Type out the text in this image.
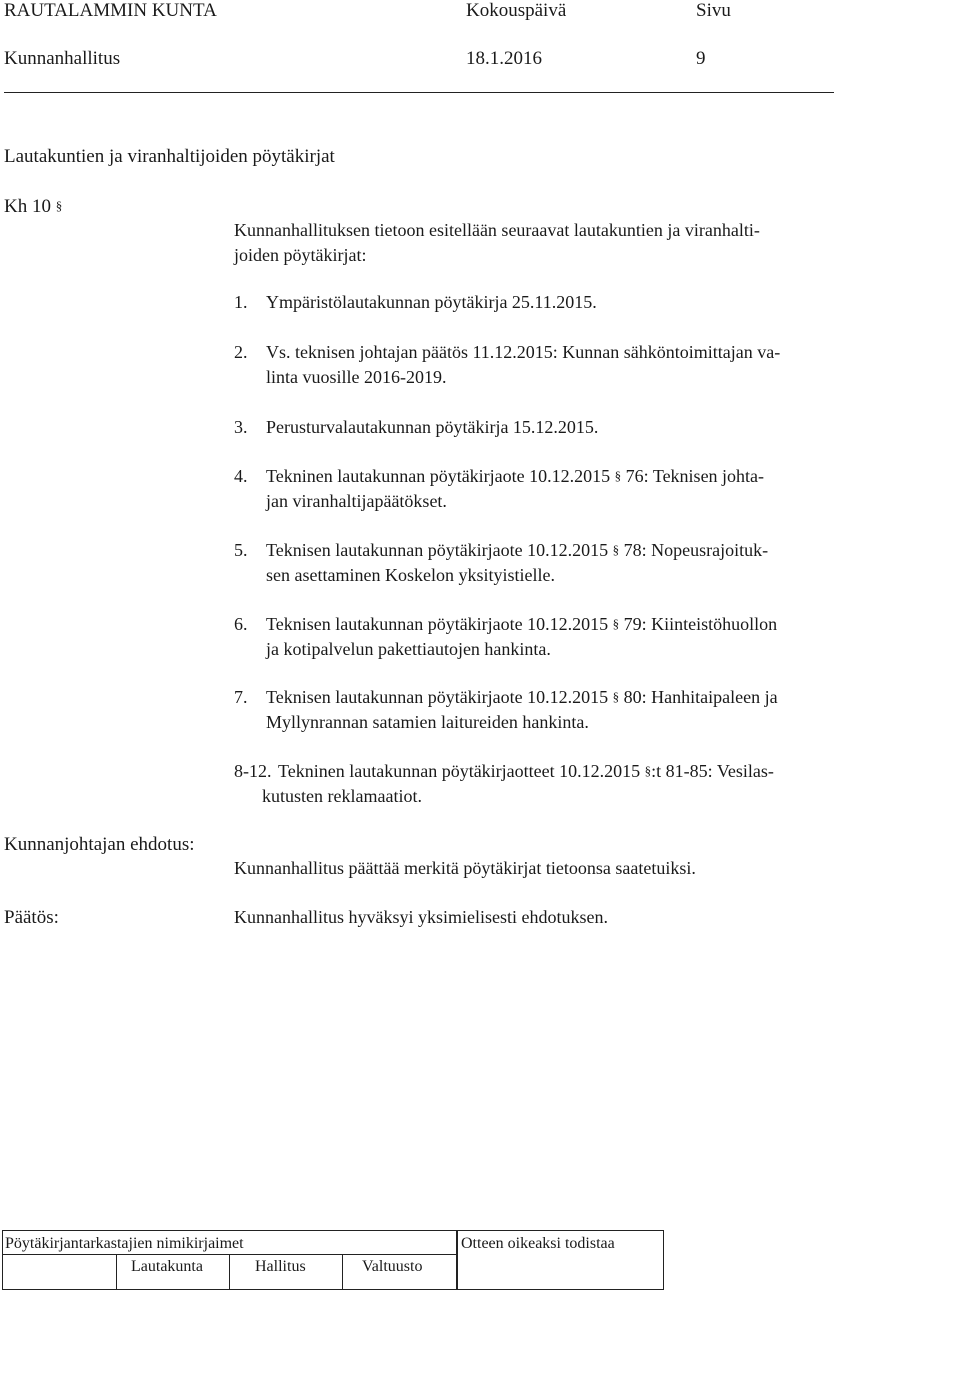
RAUTALAMMIN KUNTA	Kokouspäivä	Sivu
Kunnanhallitus	18.1.2016	9
Lautakuntien ja viranhaltijoiden pöytäkirjat
Kh 10 §
Kunnanhallituksen tietoon esitellään seuraavat lautakuntien ja viranhalti-
joiden pöytäkirjat:
1. Ympäristölautakunnan pöytäkirja 25.11.2015.
2. Vs. teknisen johtajan päätös 11.12.2015: Kunnan sähköntoimittajan va-
linta vuosille 2016-2019.
3. Perusturvalautakunnan pöytäkirja 15.12.2015.
4. Tekninen lautakunnan pöytäkirjaote 10.12.2015 § 76: Teknisen johta-
jan viranhaltijapäätökset.
5. Teknisen lautakunnan pöytäkirjaote 10.12.2015 § 78: Nopeusrajoituk-
sen asettaminen Koskelon yksityistielle.
6. Teknisen lautakunnan pöytäkirjaote 10.12.2015 § 79: Kiinteistöhuollon
ja kotipalvelun pakettiautojen hankinta.
7. Teknisen lautakunnan pöytäkirjaote 10.12.2015 § 80: Hanhitaipaleen ja
Myllynrannan satamien laitureiden hankinta.
8-12. Tekninen lautakunnan pöytäkirjaotteet 10.12.2015 §:t 81-85: Vesilas-
kutusten reklamaatiot.
Kunnanjohtajan ehdotus:
Kunnanhallitus päättää merkitä pöytäkirjat tietoonsa saatetuiksi.
Päätös:	Kunnanhallitus hyväksyi yksimielisesti ehdotuksen.
Pöytäkirjantarkastajien nimikirjaimet
Lautakunta	Hallitus	Valtuusto
Otteen oikeaksi todistaa
